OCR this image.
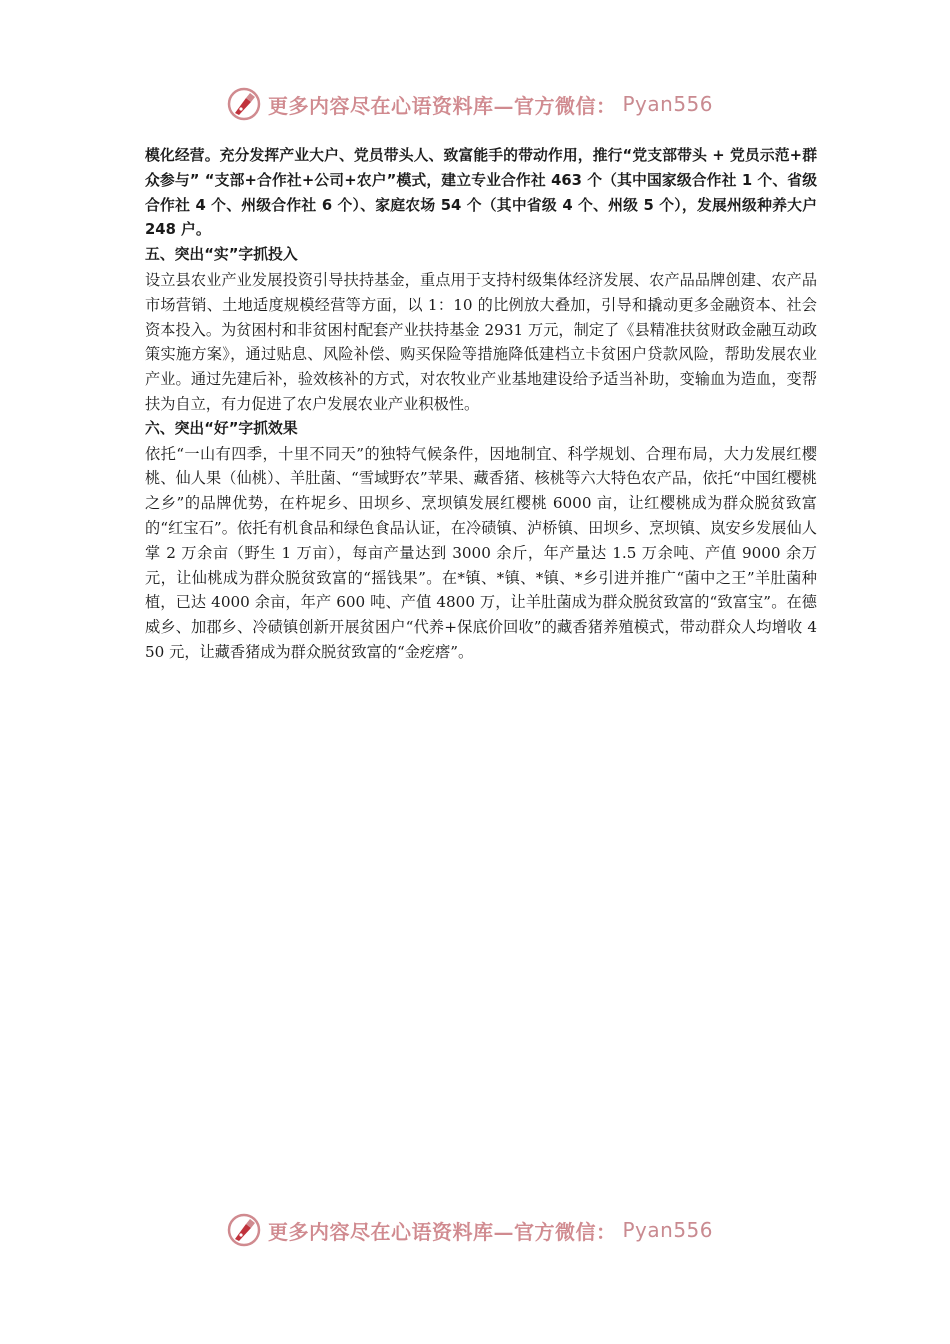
更多内容尽在心语资料库—官方微信： Pyan556

模化经营。充分发挥产业大户、党员带头人、致富能手的带动作用，推行“党支部带头 + 党员示范+群众参与” “支部+合作社+公司+农户”模式，建立专业合作社 463 个（其中国家级合作社 1 个、省级合作社 4 个、州级合作社 6 个）、家庭农场 54 个（其中省级 4 个、州级 5 个），发展州级种养大户 248 户。

五、突出“实”字抓投入

设立县农业产业发展投资引导扶持基金，重点用于支持村级集体经济发展、农产品品牌创建、农产品市场营销、土地适度规模经营等方面，以 1：10 的比例放大叠加，引导和撬动更多金融资本、社会资本投入。为贫困村和非贫困村配套产业扶持基金 2931 万元，制定了《县精准扶贫财政金融互动政策实施方案》，通过贴息、风险补偿、购买保险等措施降低建档立卡贫困户贷款风险，帮助发展农业产业。通过先建后补，验效核补的方式，对农牧业产业基地建设给予适当补助，变输血为造血，变帮扶为自立，有力促进了农户发展农业产业积极性。

六、突出“好”字抓效果

依托“一山有四季，十里不同天”的独特气候条件，因地制宜、科学规划、合理布局，大力发展红樱桃、仙人果（仙桃）、羊肚菌、“雪域野农”苹果、藏香猪、核桃等六大特色农产品，依托“中国红樱桃之乡”的品牌优势，在杵坭乡、田坝乡、烹坝镇发展红樱桃 6000 亩，让红樱桃成为群众脱贫致富的“红宝石”。依托有机食品和绿色食品认证，在冷碛镇、泸桥镇、田坝乡、烹坝镇、岚安乡发展仙人掌 2 万余亩（野生 1 万亩），每亩产量达到 3000 余斤，年产量达 1.5 万余吨、产值 9000 余万元，让仙桃成为群众脱贫致富的“摇钱果”。在*镇、*镇、*镇、*乡引进并推广“菌中之王”羊肚菌种植，已达 4000 余亩，年产 600 吨、产值 4800 万，让羊肚菌成为群众脱贫致富的“致富宝”。在德威乡、加郡乡、冷碛镇创新开展贫困户“代养+保底价回收”的藏香猪养殖模式，带动群众人均增收 450 元，让藏香猪成为群众脱贫致富的“金疙瘩”。

更多内容尽在心语资料库—官方微信： Pyan556
